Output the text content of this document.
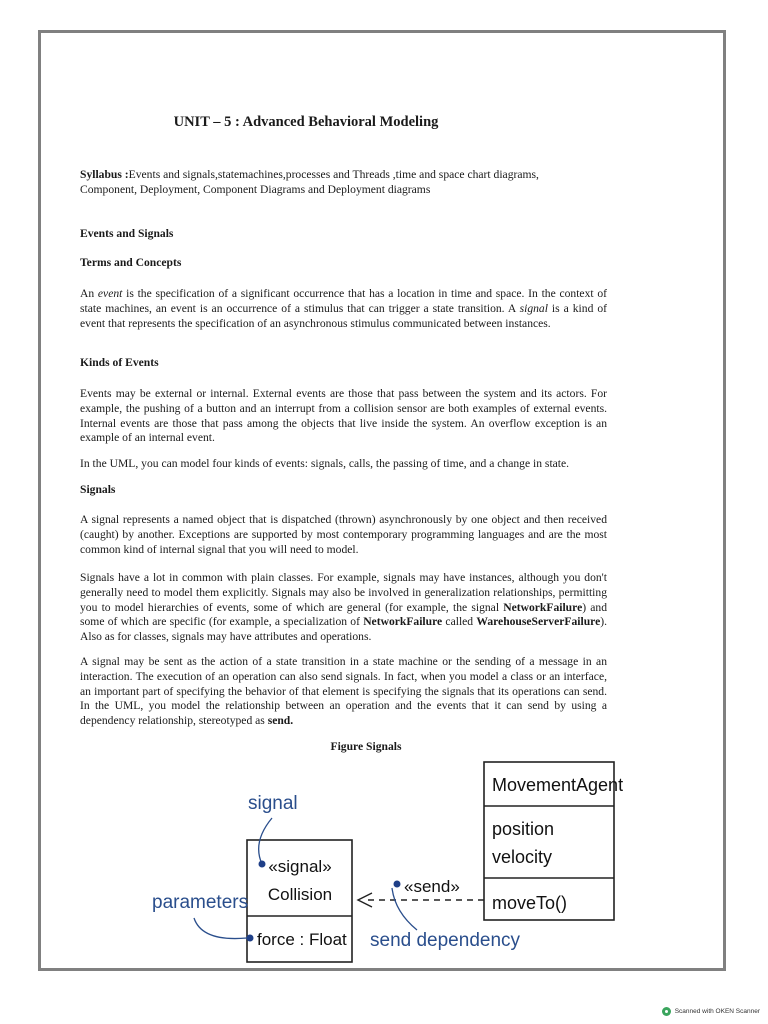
UNIT – 5 : Advanced Behavioral Modeling

Syllabus :Events and signals,statemachines,processes and Threads ,time and space chart diagrams, Component, Deployment, Component Diagrams and Deployment diagrams

Events and Signals
Terms and Concepts

An event is the specification of a significant occurrence that has a location in time and space. In the context of state machines, an event is an occurrence of a stimulus that can trigger a state transition. A signal is a kind of event that represents the specification of an asynchronous stimulus communicated between instances.

Kinds of Events

Events may be external or internal. External events are those that pass between the system and its actors. For example, the pushing of a button and an interrupt from a collision sensor are both examples of external events. Internal events are those that pass among the objects that live inside the system. An overflow exception is an example of an internal event.

In the UML, you can model four kinds of events: signals, calls, the passing of time, and a change in state.

Signals

A signal represents a named object that is dispatched (thrown) asynchronously by one object and then received (caught) by another. Exceptions are supported by most contemporary programming languages and are the most common kind of internal signal that you will need to model.

Signals have a lot in common with plain classes. For example, signals may have instances, although you don't generally need to model them explicitly. Signals may also be involved in generalization relationships, permitting you to model hierarchies of events, some of which are general (for example, the signal NetworkFailure) and some of which are specific (for example, a specialization of NetworkFailure called WarehouseServerFailure). Also as for classes, signals may have attributes and operations.

A signal may be sent as the action of a state transition in a state machine or the sending of a message in an interaction. The execution of an operation can also send signals. In fact, when you model a class or an interface, an important part of specifying the behavior of that element is specifying the signals that its operations can send. In the UML, you model the relationship between an operation and the events that it can send by using a dependency relationship, stereotyped as send.

Figure Signals
«signal»
Collision
force : Float
MovementAgent
position
velocity
moveTo()
«send»
signal
parameters
send dependency
Scanned with OKEN Scanner
